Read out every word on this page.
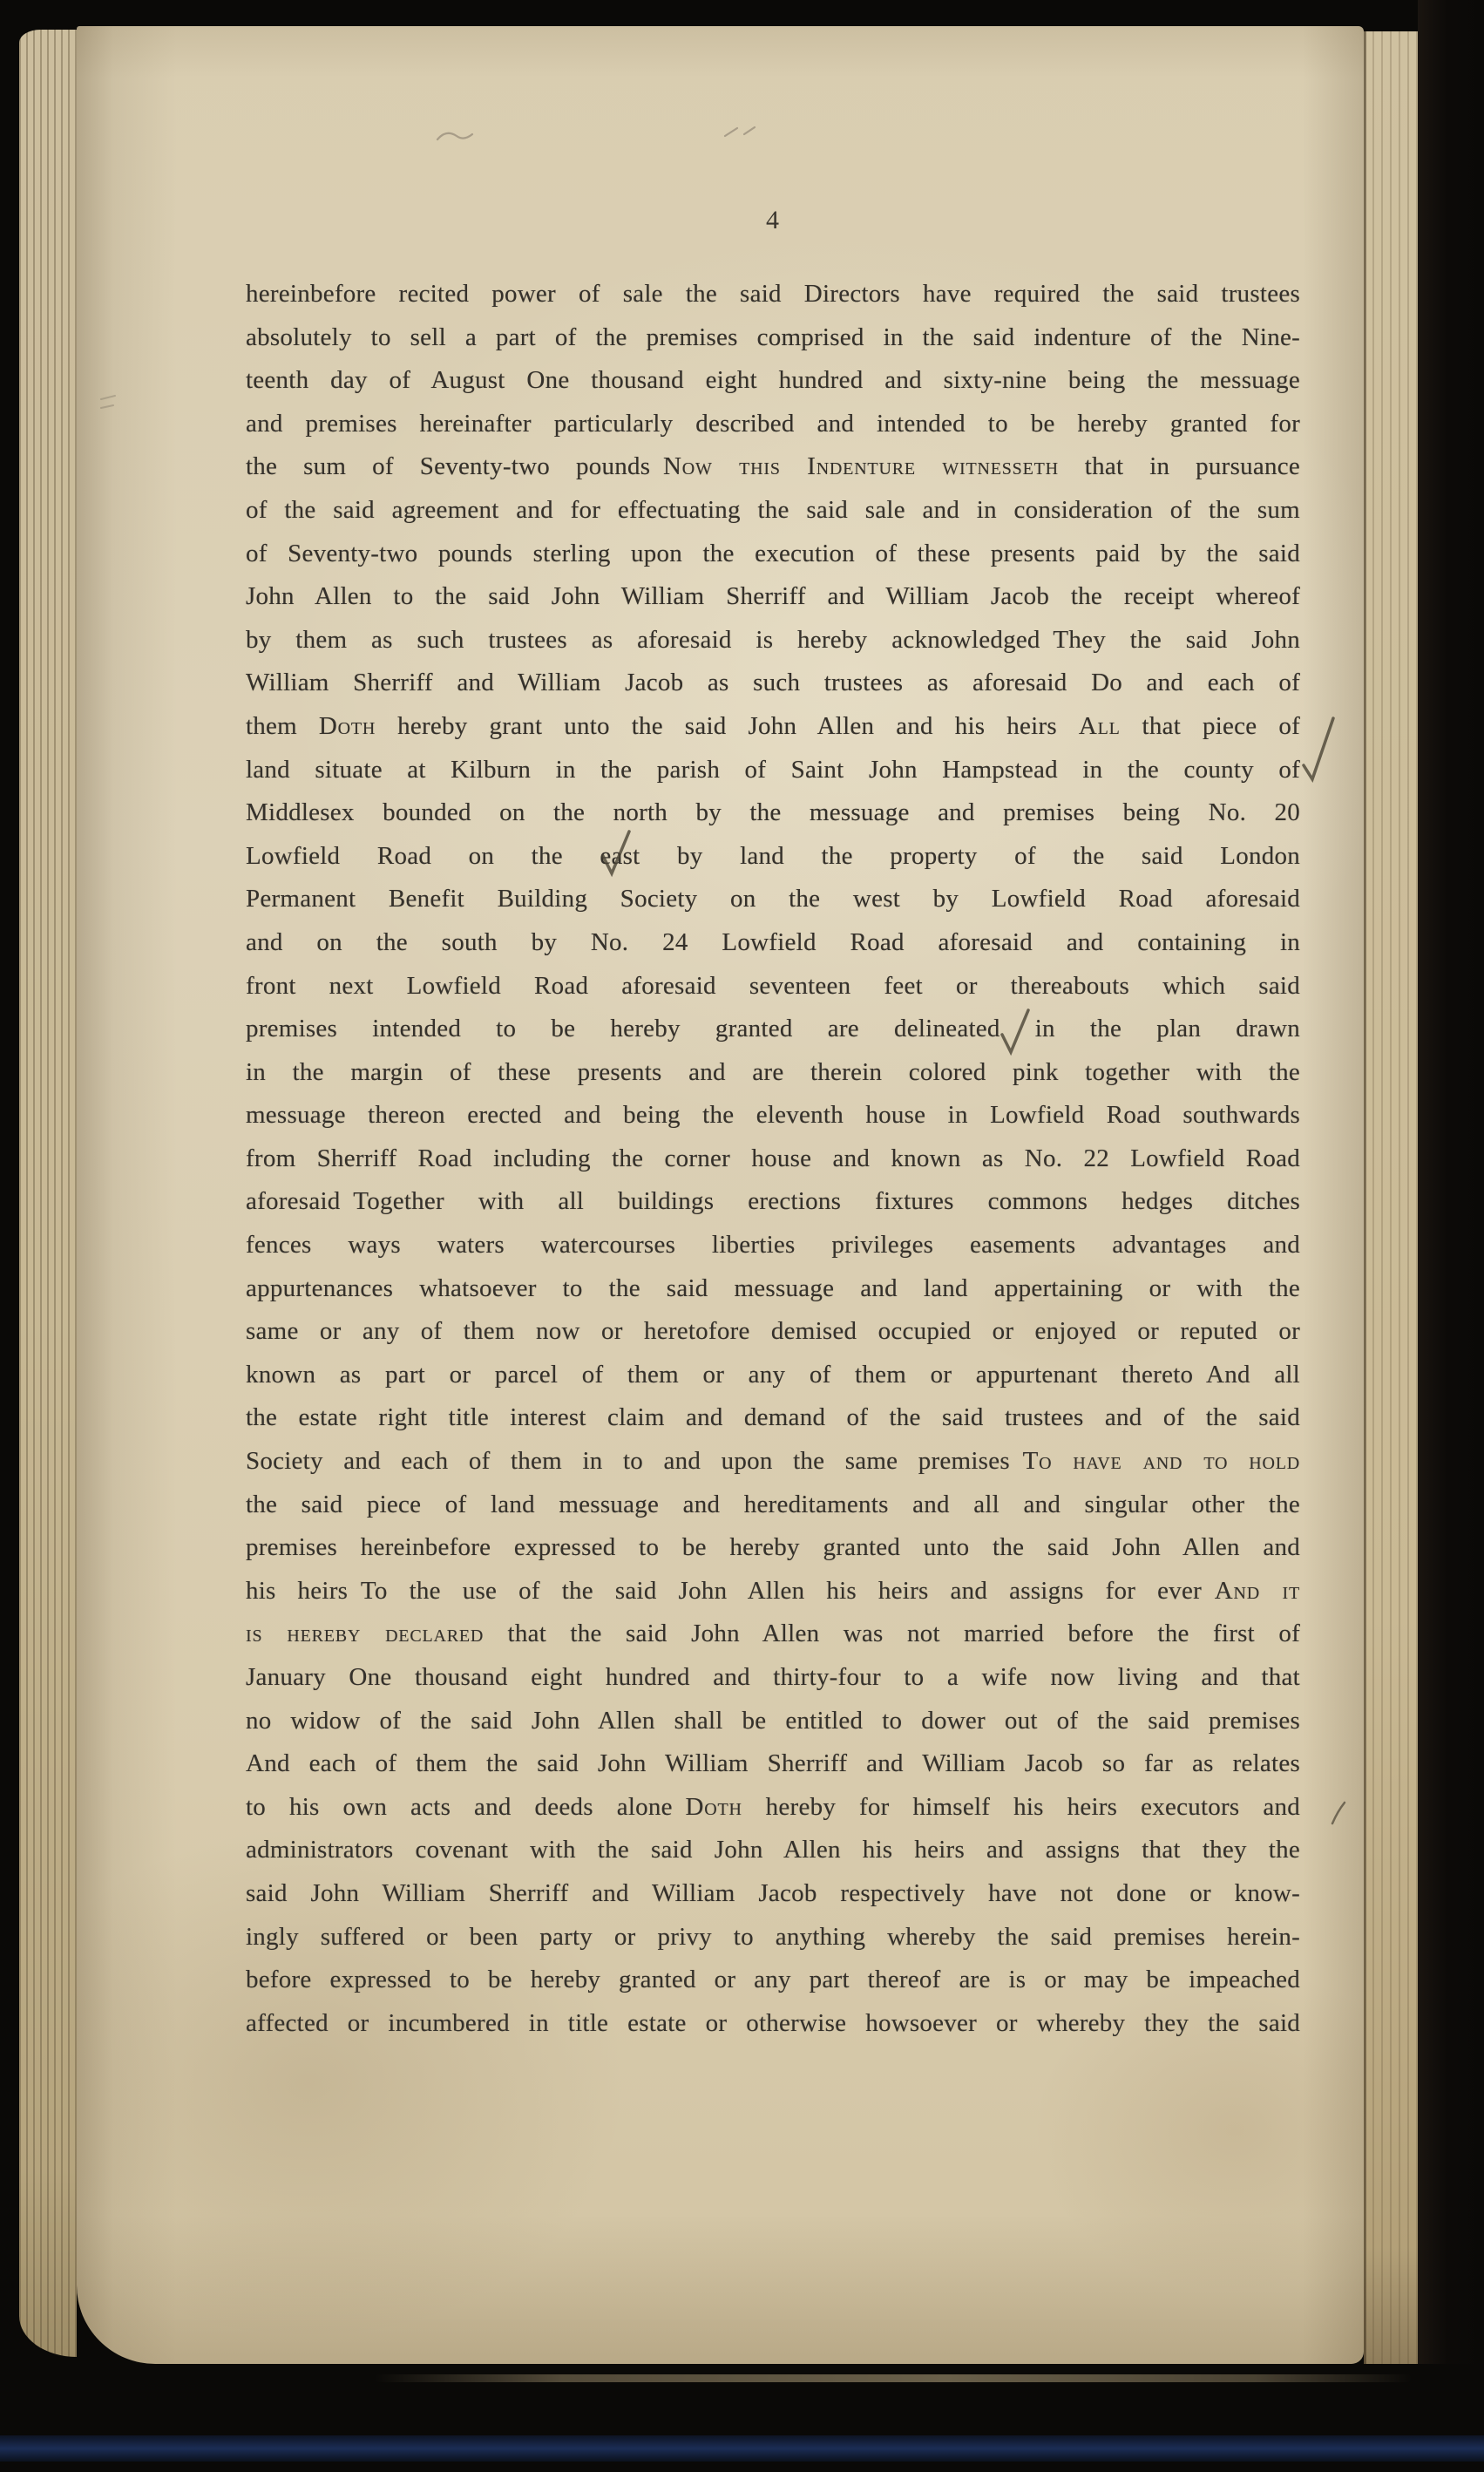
4
hereinbefore recited power of sale the said Directors have required the said trustees
absolutely to sell a part of the premises comprised in the said indenture of the Nine-
teenth day of August One thousand eight hundred and sixty-nine being the messuage
and premises hereinafter particularly described and intended to be hereby granted for
the sum of Seventy-two pounds Now this Indenture witnesseth that in pursuance
of the said agreement and for effectuating the said sale and in consideration of the sum
of Seventy-two pounds sterling upon the execution of these presents paid by the said
John Allen to the said John William Sherriff and William Jacob the receipt whereof
by them as such trustees as aforesaid is hereby acknowledged They the said John
William Sherriff and William Jacob as such trustees as aforesaid Do and each of
them Doth hereby grant unto the said John Allen and his heirs All that piece of
land situate at Kilburn in the parish of Saint John Hampstead in the county of
Middlesex bounded on the north by the messuage and premises being No. 20
Lowfield Road on the east by land the property of the said London
Permanent Benefit Building Society on the west by Lowfield Road aforesaid
and on the south by No. 24 Lowfield Road aforesaid and containing in
front next Lowfield Road aforesaid seventeen feet or thereabouts which said
premises intended to be hereby granted are delineated in the plan drawn
in the margin of these presents and are therein colored pink together with the
messuage thereon erected and being the eleventh house in Lowfield Road southwards
from Sherriff Road including the corner house and known as No. 22 Lowfield Road
aforesaid Together with all buildings erections fixtures commons hedges ditches
fences ways waters watercourses liberties privileges easements advantages and
appurtenances whatsoever to the said messuage and land appertaining or with the
same or any of them now or heretofore demised occupied or enjoyed or reputed or
known as part or parcel of them or any of them or appurtenant thereto And all
the estate right title interest claim and demand of the said trustees and of the said
Society and each of them in to and upon the same premises To have and to hold
the said piece of land messuage and hereditaments and all and singular other the
premises hereinbefore expressed to be hereby granted unto the said John Allen and
his heirs To the use of the said John Allen his heirs and assigns for ever And it
is hereby declared that the said John Allen was not married before the first of
January One thousand eight hundred and thirty-four to a wife now living and that
no widow of the said John Allen shall be entitled to dower out of the said premises
And each of them the said John William Sherriff and William Jacob so far as relates
to his own acts and deeds alone Doth hereby for himself his heirs executors and
administrators covenant with the said John Allen his heirs and assigns that they the
said John William Sherriff and William Jacob respectively have not done or know-
ingly suffered or been party or privy to anything whereby the said premises herein-
before expressed to be hereby granted or any part thereof are is or may be impeached
affected or incumbered in title estate or otherwise howsoever or whereby they the said
